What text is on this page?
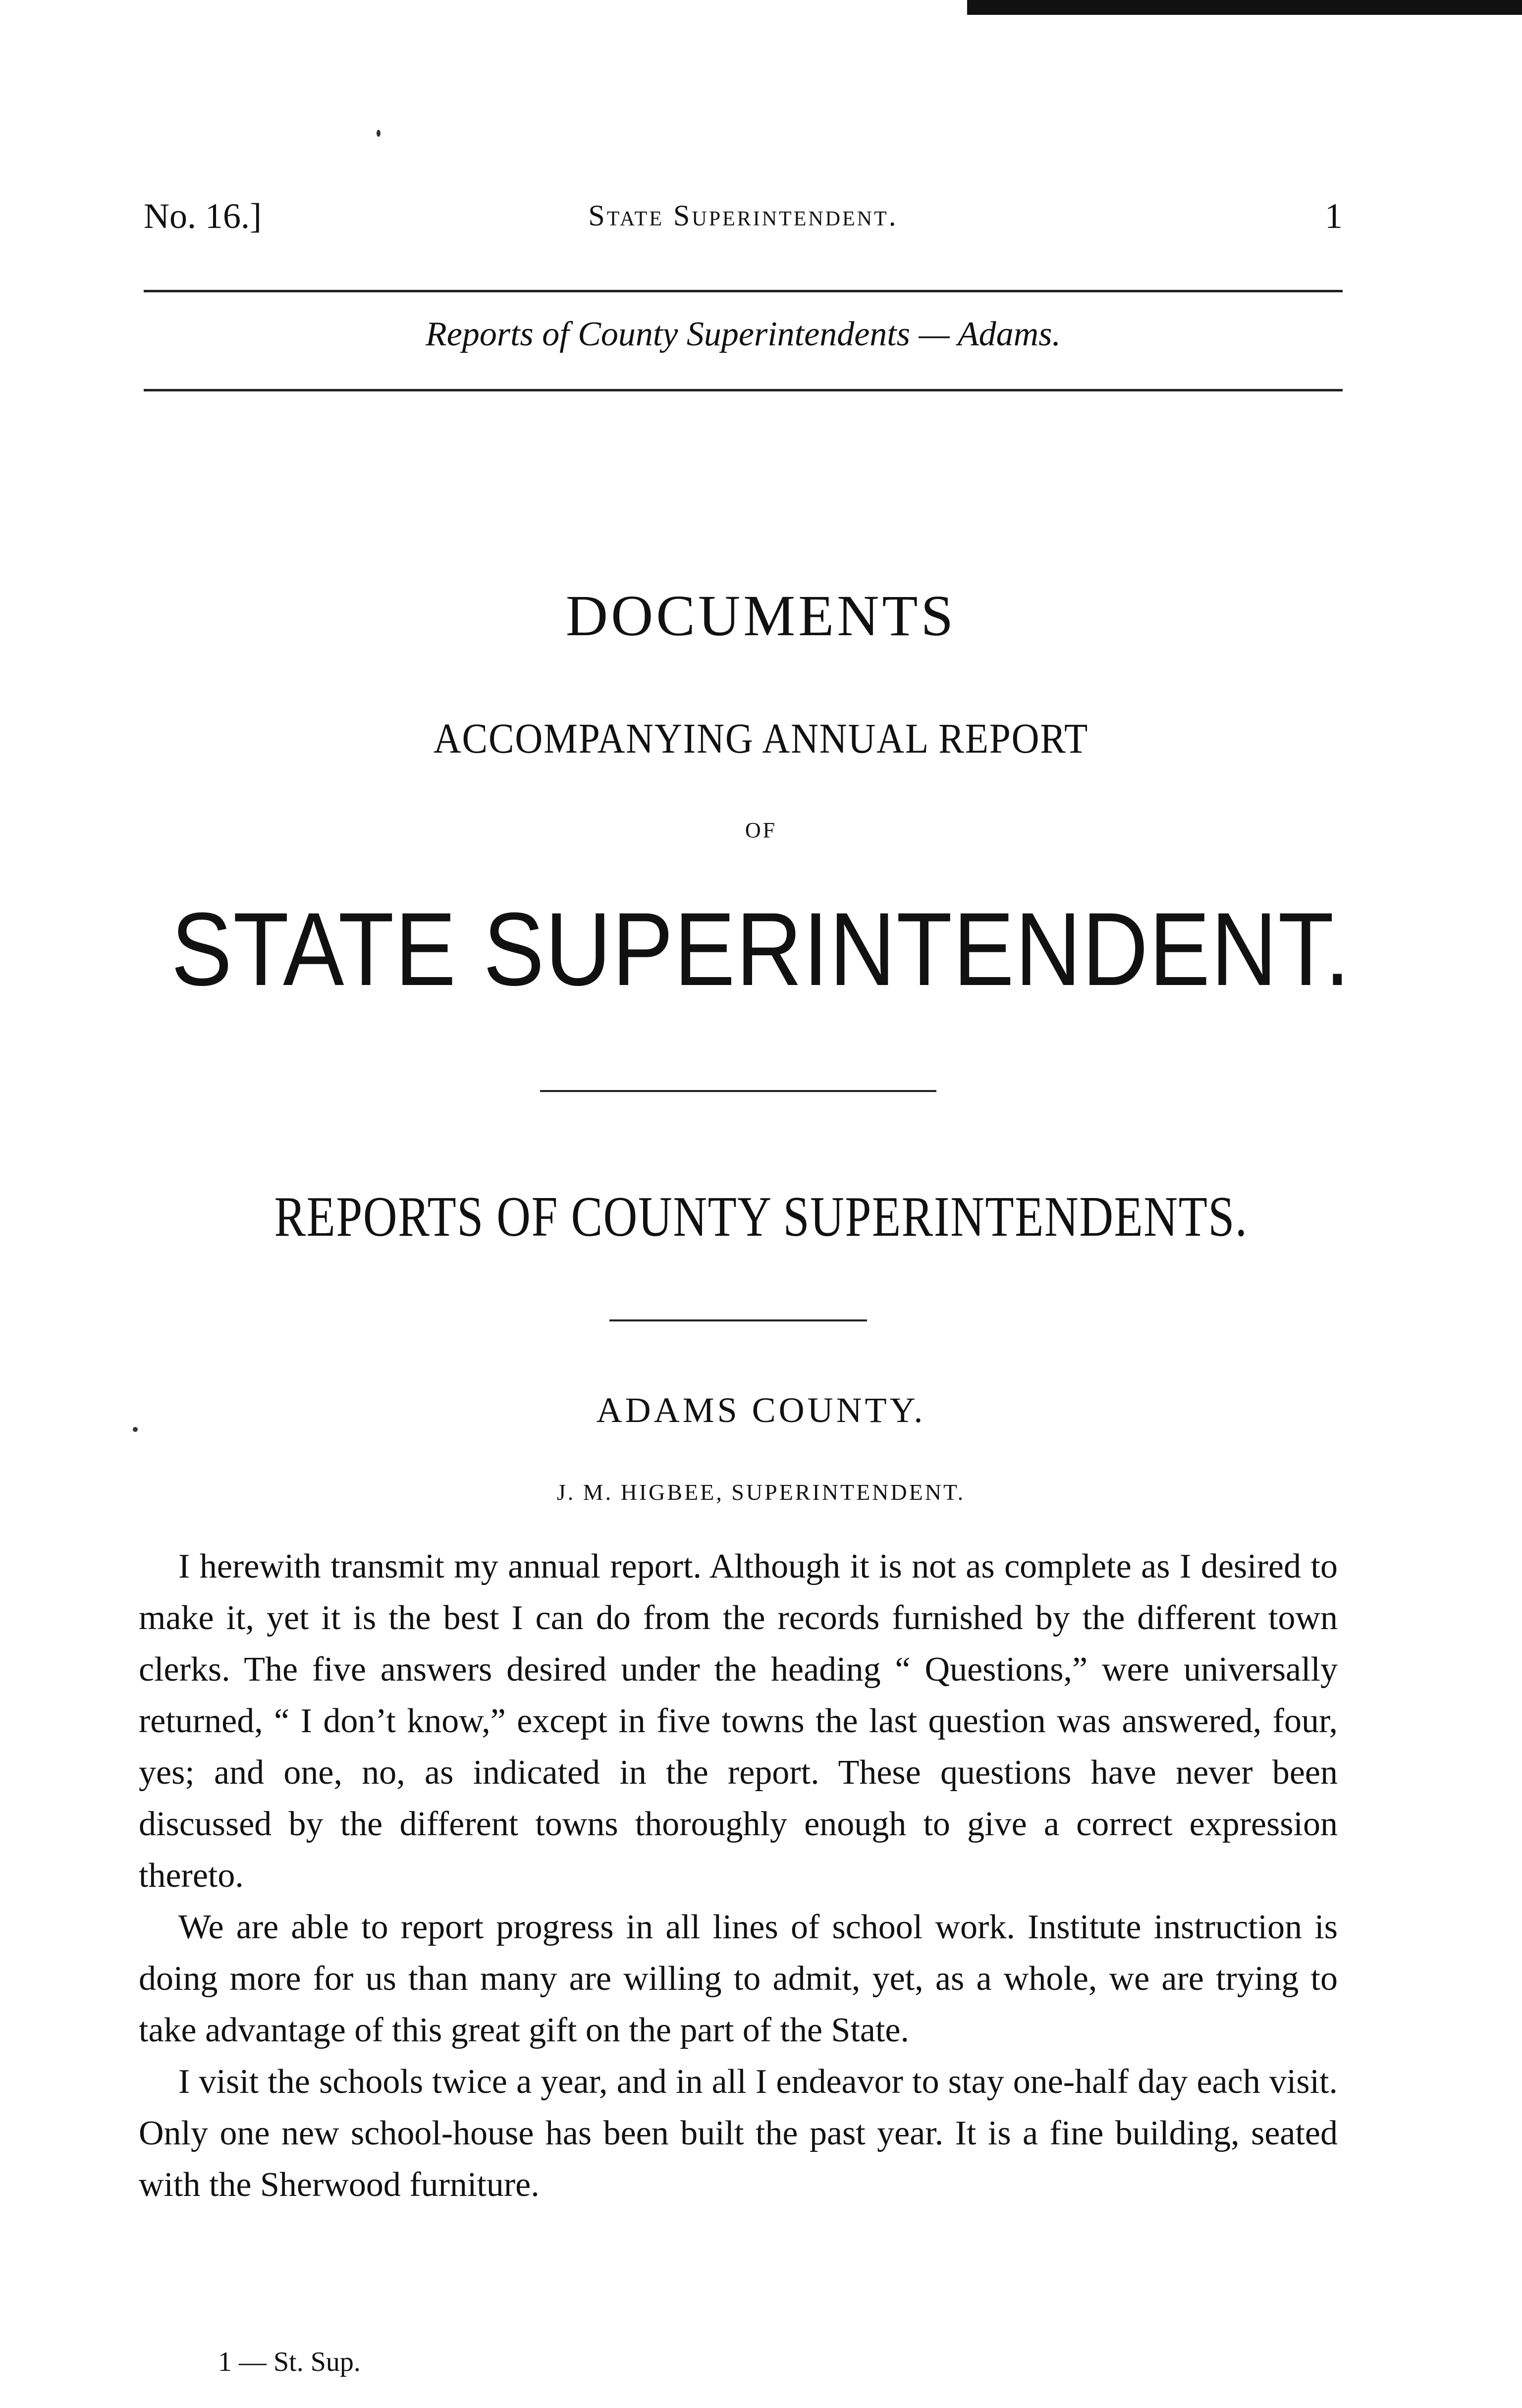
No. 16.]	State Superintendent.	1
Reports of County Superintendents — Adams.
DOCUMENTS
ACCOMPANYING ANNUAL REPORT
OF
STATE SUPERINTENDENT.
REPORTS OF COUNTY SUPERINTENDENTS.
ADAMS COUNTY.
J. M. HIGBEE, SUPERINTENDENT.

I herewith transmit my annual report. Although it is not as complete as I desired to make it, yet it is the best I can do from the records furnished by the different town clerks. The five answers desired under the heading “ Questions,” were universally returned, “ I don’t know,” except in five towns the last question was answered, four, yes; and one, no, as indicated in the report. These questions have never been discussed by the different towns thoroughly enough to give a correct expression thereto.

We are able to report progress in all lines of school work. Institute instruction is doing more for us than many are willing to admit, yet, as a whole, we are trying to take advantage of this great gift on the part of the State.

I visit the schools twice a year, and in all I endeavor to stay one-half day each visit. Only one new school-house has been built the past year. It is a fine building, seated with the Sherwood furniture.

1 — St. Sup.
